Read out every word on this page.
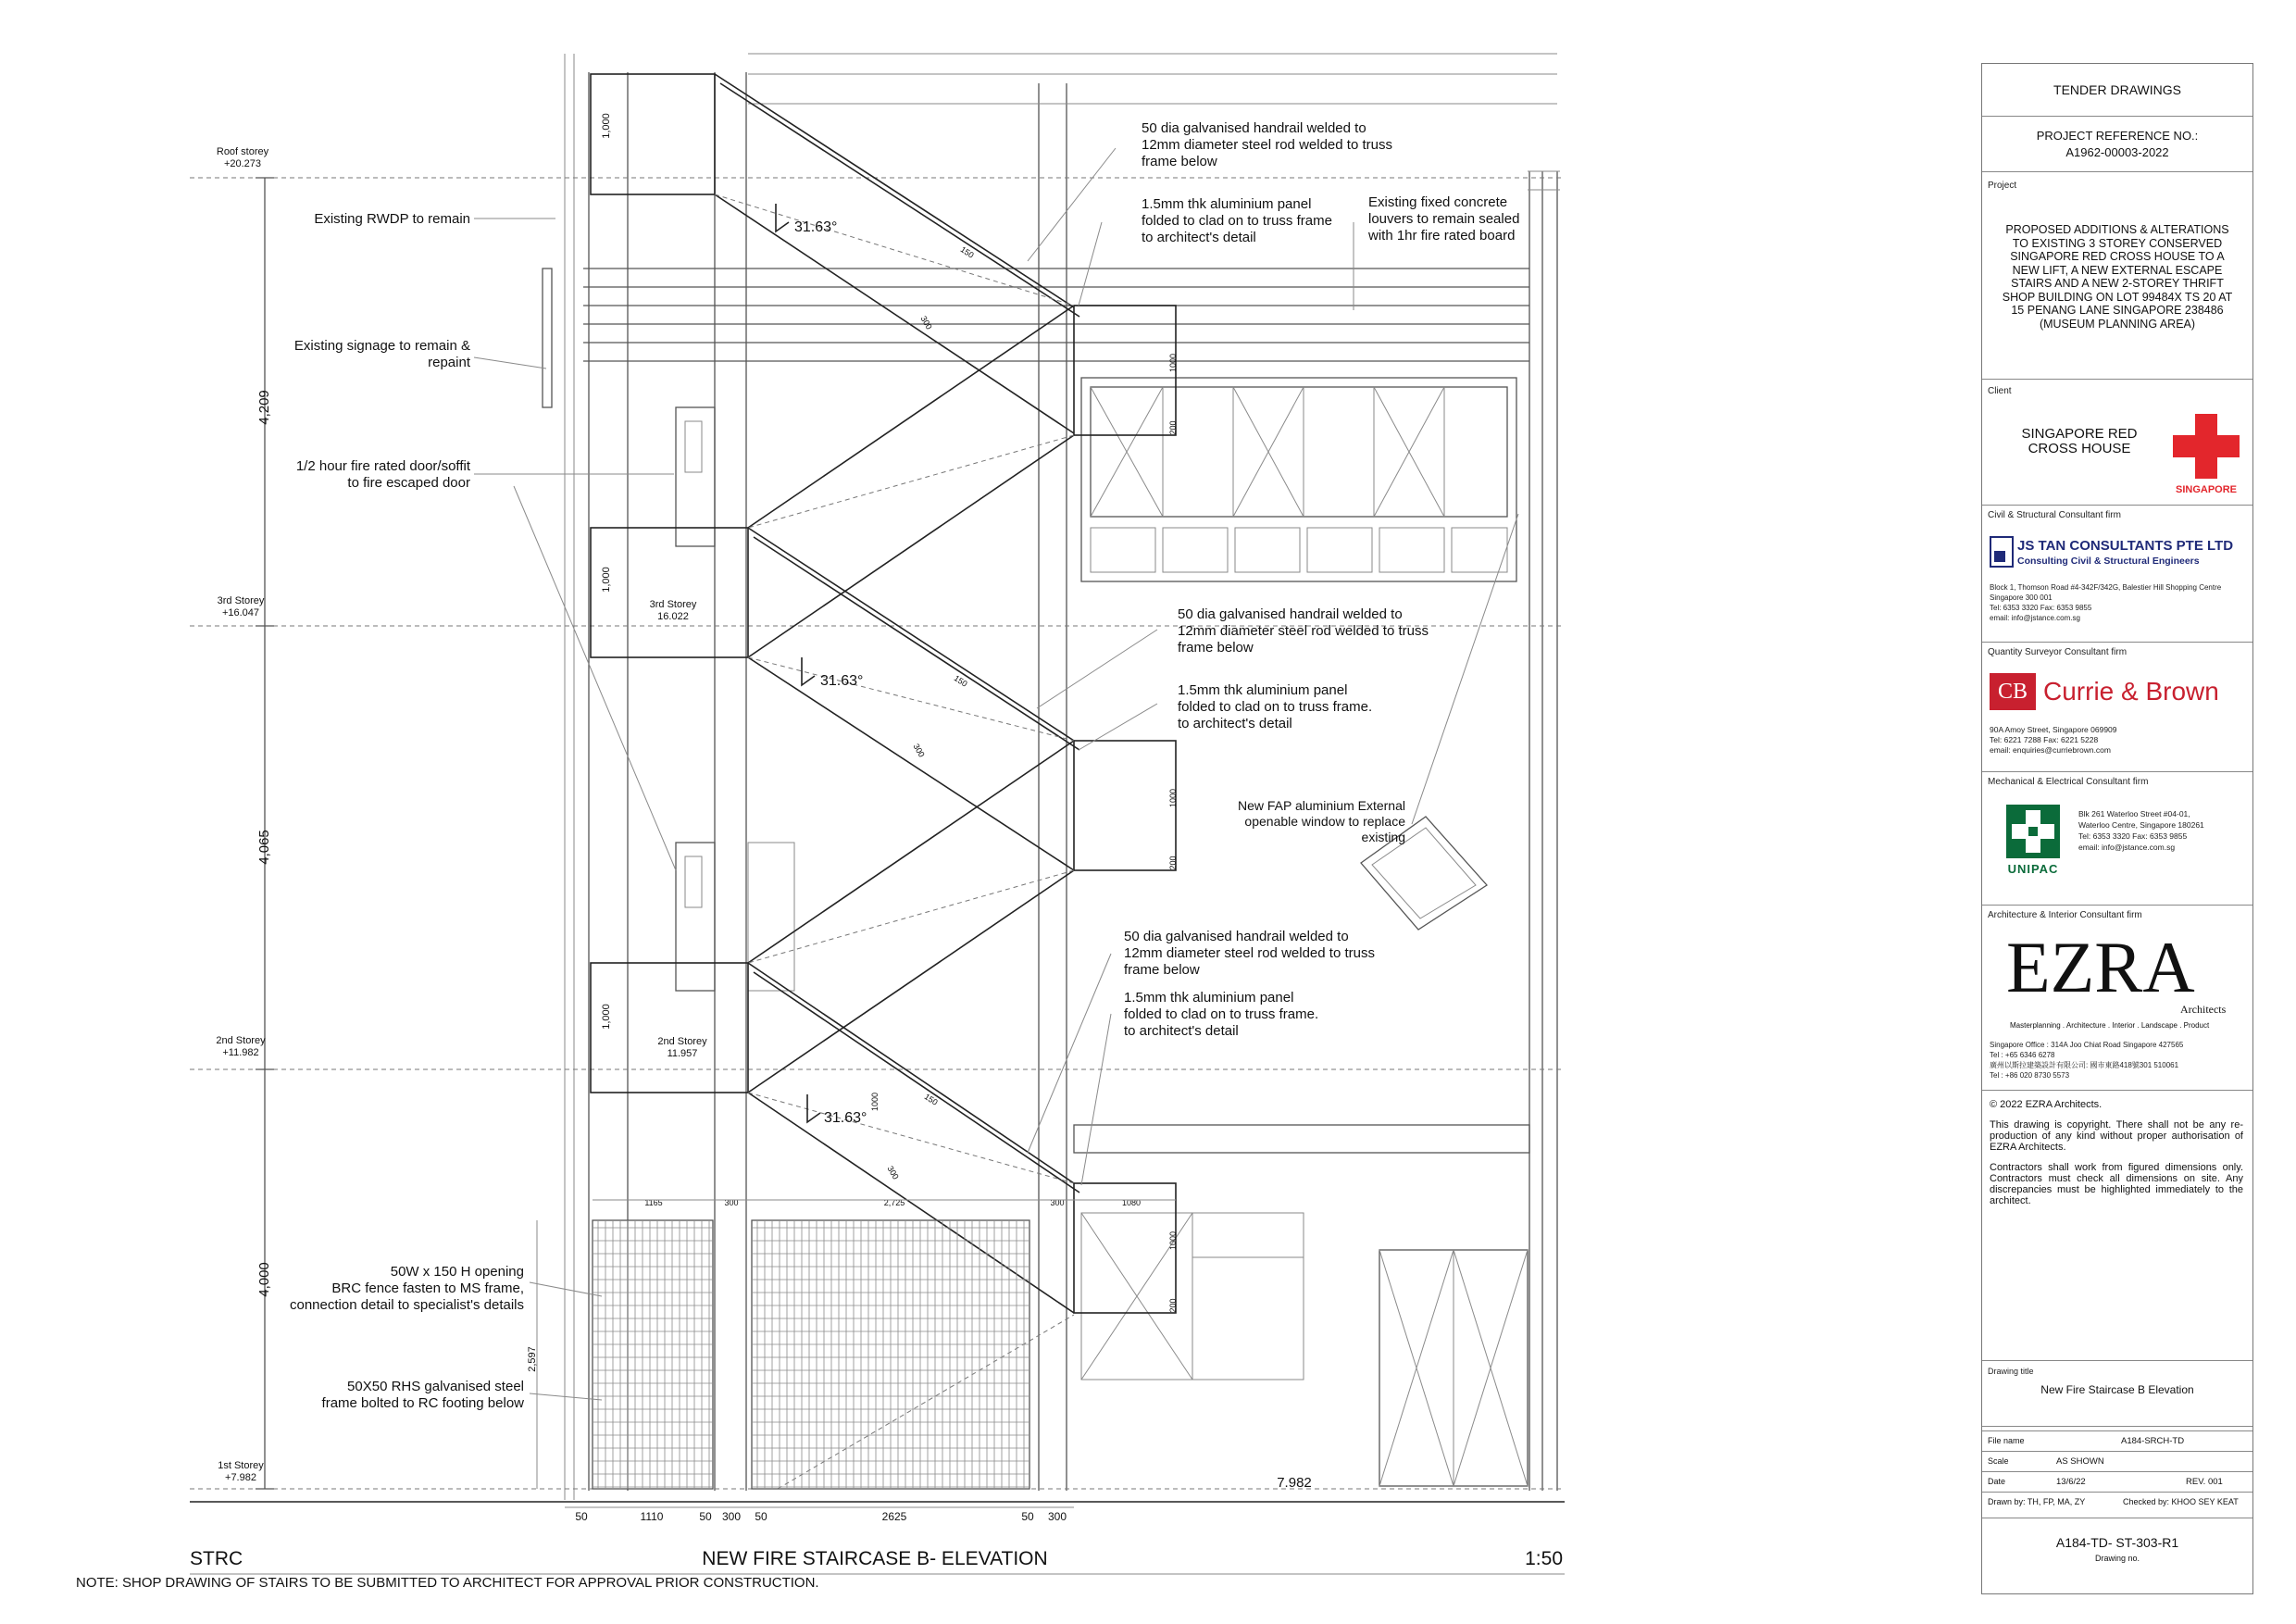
Roof storey
+20.273
3rd Storey
+16.047
2nd Storey
+11.982
1st Storey
+7.982
3rd Storey
16.022
2nd Storey
11.957
Existing RWDP to remain
Existing signage to remain &
repaint
1/2 hour fire rated door/soffit
to fire escaped door
50W x 150 H opening
BRC fence fasten to MS frame,
connection detail to specialist's details
50X50 RHS galvanised steel
frame bolted to RC footing below
50 dia galvanised handrail welded to
12mm diameter steel rod welded to truss
frame below
1.5mm thk aluminium panel
folded to clad on to truss frame
to architect's detail
Existing fixed concrete
louvers to remain sealed
with 1hr fire rated board
50 dia galvanised handrail welded to
12mm diameter steel rod welded to truss
frame below
1.5mm thk aluminium panel
folded to clad on to truss frame.
to architect's detail
New FAP aluminium External
openable window to replace
existing
50 dia galvanised handrail welded to
12mm diameter steel rod welded to truss
frame below
1.5mm thk aluminium panel
folded to clad on to truss frame.
to architect's detail
31.63°
31.63°
31.63°
4,209
4,065
4,000
1,000
1,000
1,000
1000
200
1000
200
1000
200
150
300
150
300
150
300
1000
2,597
1165	300	2,725	300	1080
50	1110	50 300 50	2625	50 300
7.982
STRC	NEW FIRE STAIRCASE B- ELEVATION	1:50
NOTE: SHOP DRAWING OF STAIRS TO BE SUBMITTED TO ARCHITECT FOR APPROVAL PRIOR CONSTRUCTION.
TENDER DRAWINGS
PROJECT REFERENCE NO.:
A1962-00003-2022
Project
PROPOSED ADDITIONS & ALTERATIONS
TO EXISTING 3 STOREY CONSERVED
SINGAPORE RED CROSS HOUSE TO A
NEW LIFT, A NEW EXTERNAL ESCAPE
STAIRS AND A NEW 2-STOREY THRIFT
SHOP BUILDING ON LOT 99484X TS 20 AT
15 PENANG LANE SINGAPORE 238486
(MUSEUM PLANNING AREA)
Client
SINGAPORE RED
CROSS HOUSE
SINGAPORE
Civil & Structural Consultant firm
JS TAN CONSULTANTS PTE LTD
Consulting Civil & Structural Engineers
Block 1, Thomson Road #4-342F/342G, Balestier Hill Shopping Centre
Singapore 300 001
Tel: 6353 3320 Fax: 6353 9855
email: info@jstance.com.sg
Quantity Surveyor Consultant firm
CB Currie & Brown
90A Amoy Street, Singapore 069909
Tel: 6221 7288 Fax: 6221 5228
email: enquiries@curriebrown.com
Mechanical & Electrical Consultant firm
UNIPAC
Blk 261 Waterloo Street #04-01,
Waterloo Centre, Singapore 180261
Tel: 6353 3320 Fax: 6353 9855
email: info@jstance.com.sg
Architecture & Interior Consultant firm
EZRA
Architects
Masterplanning . Architecture . Interior . Landscape . Product
Singapore Office : 314A Joo Chiat Road Singapore 427565
Tel : +65 6346 6278
廣州以斯拉建築設計有限公司: 國市東路418號301 510061
Tel : +86 020 8730 5573
© 2022 EZRA Architects.
This drawing is copyright. There shall not be any re-production of any kind without proper authorisation of EZRA Architects.
Contractors shall work from figured dimensions only. Contractors must check all dimensions on site. Any discrepancies must be highlighted immediately to the architect.
Drawing title
New Fire Staircase B Elevation
File name	A184-SRCH-TD
Scale	AS SHOWN
Date	13/6/22	REV. 001
Drawn by: TH, FP, MA, ZY	Checked by: KHOO SEY KEAT
A184-TD- ST-303-R1
Drawing no.
